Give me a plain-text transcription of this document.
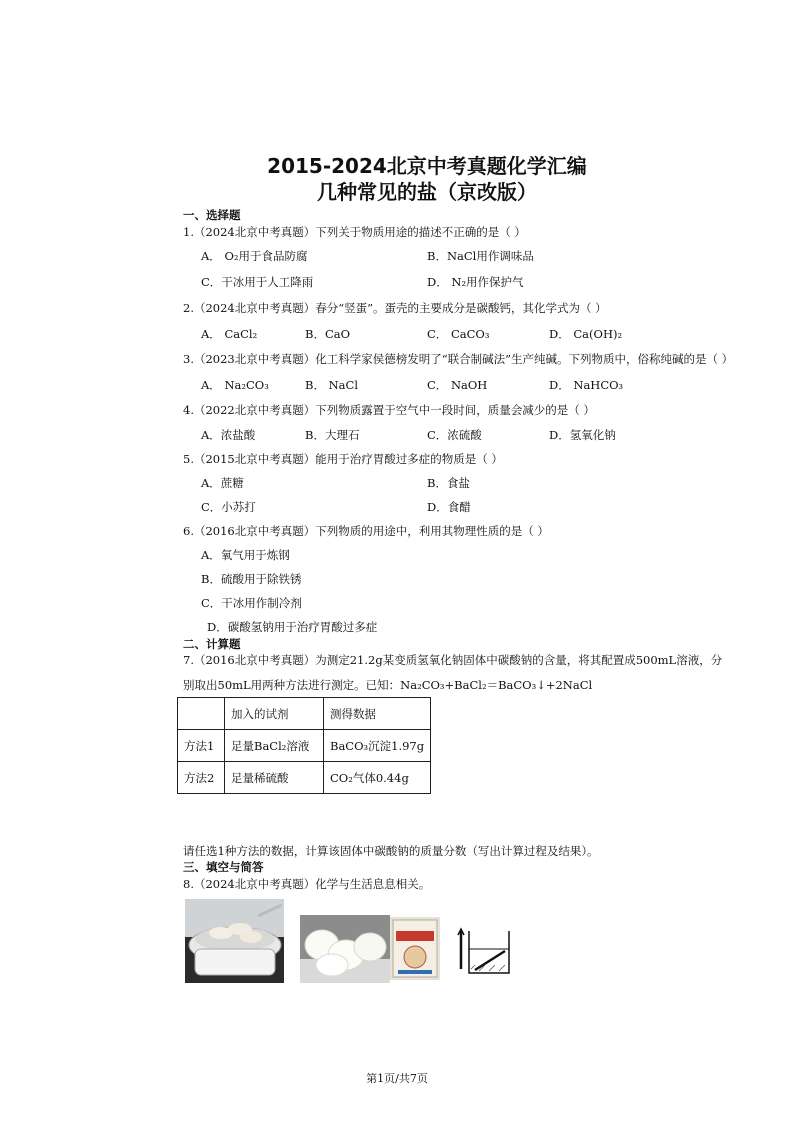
2015-2024北京中考真题化学汇编
几种常见的盐（京改版）
一、选择题
1.（2024北京中考真题）下列关于物质用途的描述不正确的是（ ）
A． O₂用于食品防腐	B．NaCl用作调味品
C．干冰用于人工降雨	D． N₂用作保护气
2.（2024北京中考真题）春分“竖蛋”。蛋壳的主要成分是碳酸钙，其化学式为（ ）
A． CaCl₂	B．CaO	C． CaCO₃	D． Ca(OH)₂
3.（2023北京中考真题）化工科学家侯德榜发明了“联合制碱法”生产纯碱。下列物质中，俗称纯碱的是（ ）
A． Na₂CO₃	B． NaCl	C． NaOH	D． NaHCO₃
4.（2022北京中考真题）下列物质露置于空气中一段时间，质量会减少的是（ ）
A．浓盐酸	B．大理石	C．浓硫酸	D．氢氧化钠
5.（2015北京中考真题）能用于治疗胃酸过多症的物质是（ ）
A．蔗糖	B．食盐
C．小苏打	D．食醋
6.（2016北京中考真题）下列物质的用途中，利用其物理性质的是（ ）
A．氧气用于炼钢
B．硫酸用于除铁锈
C．干冰用作制冷剂
D．碳酸氢钠用于治疗胃酸过多症
二、计算题
7.（2016北京中考真题）为测定21.2g某变质氢氧化钠固体中碳酸钠的含量，将其配置成500mL溶液，分
别取出50mL用两种方法进行测定。已知：Na₂CO₃+BaCl₂＝BaCO₃↓+2NaCl
	加入的试剂	测得数据
方法1	足量BaCl₂溶液	BaCO₃沉淀1.97g
方法2	足量稀硫酸	CO₂气体0.44g
请任选1种方法的数据，计算该固体中碳酸钠的质量分数（写出计算过程及结果）。
三、填空与简答
8.（2024北京中考真题）化学与生活息息相关。
第1页/共7页
